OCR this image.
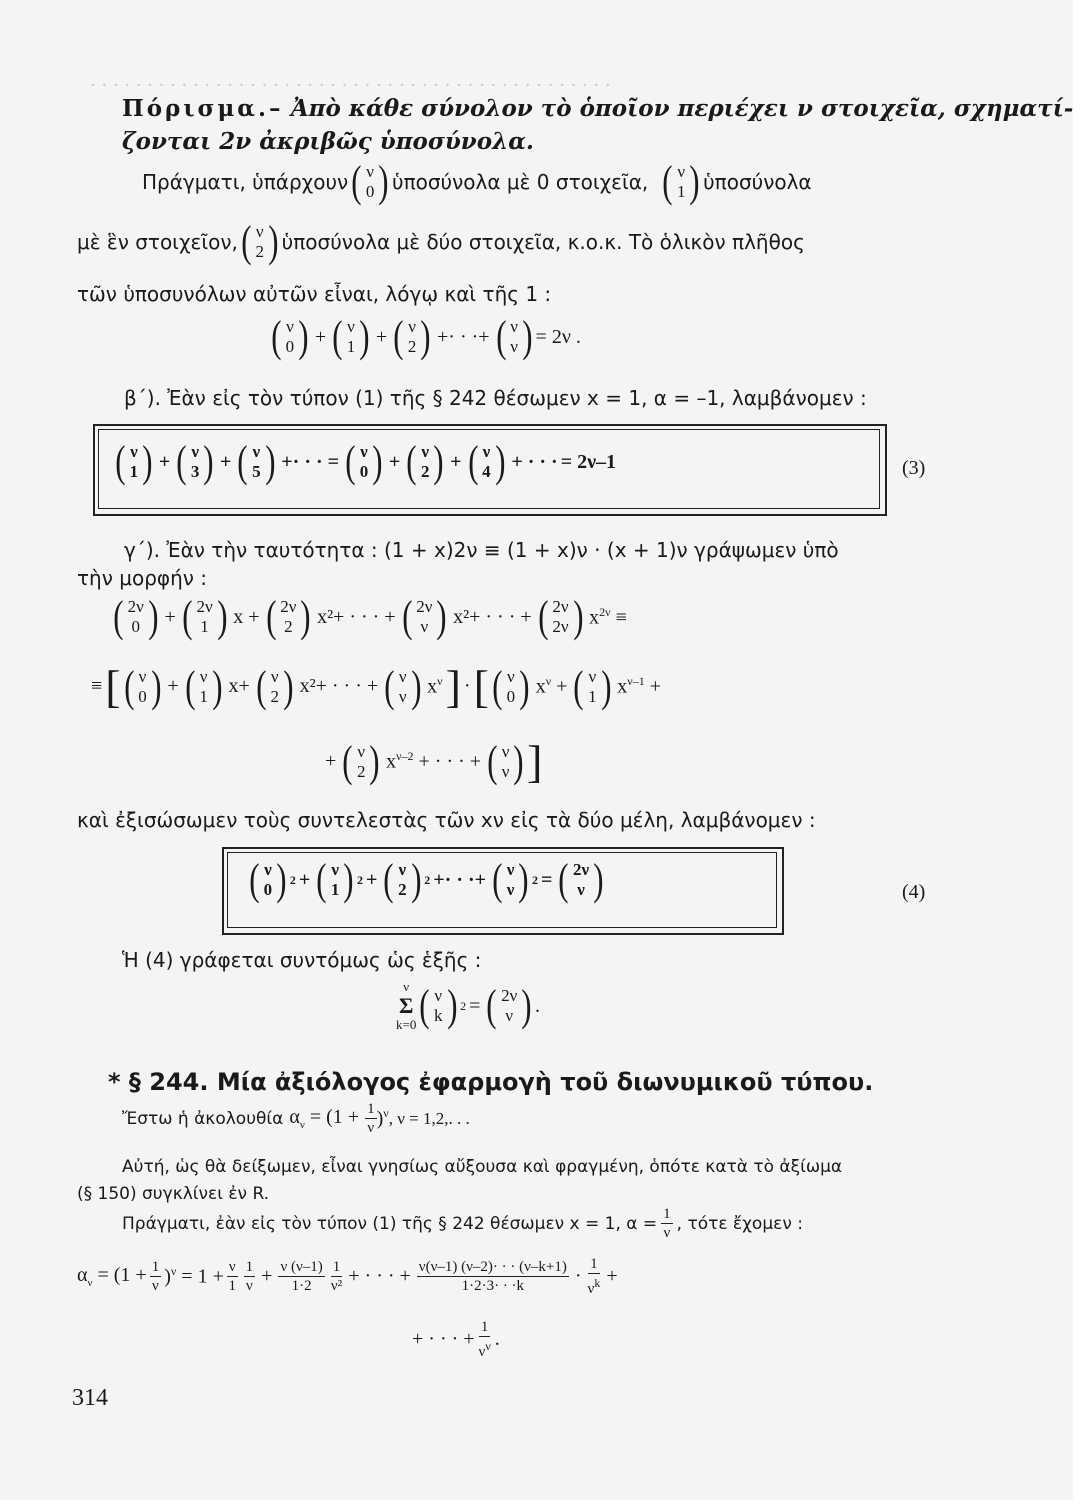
· · · · · · · · · · · · · · · · · · · · · · · · · · · · · · · · · · · · · · · · · · · · · ·
Πόρισμα.– Ἀπὸ κάθε σύνολον τὸ ὁποῖον περιέχει ν στοιχεῖα, σχηματί-
ζονται 2ν ἀκριβῶς ὑποσύνολα.
Πράγματι, ὑπάρχουν ( ν
0 ) ὑποσύνολα μὲ 0 στοιχεῖα, ( ν
1 ) ὑποσύνολα
μὲ ἓν στοιχεῖον, ( ν
2 ) ὑποσύνολα μὲ δύο στοιχεῖα, κ.ο.κ. Τὸ ὁλικὸν πλῆθος
τῶν ὑποσυνόλων αὐτῶν εἶναι, λόγῳ καὶ τῆς 1 :
( ν
0 ) + ( ν
1 ) + ( ν
2 ) +· · ·+ ( ν
ν ) = 2ν .
β΄). Ἐὰν εἰς τὸν τύπον (1) τῆς § 242 θέσωμεν x = 1, α = –1, λαμβάνομεν :
( ν
1 ) + ( ν
3 ) + ( ν
5 ) +· · · = ( ν
0 ) + ( ν
2 ) + ( ν
4 ) + · · · = 2ν–1	(3)
γ΄). Ἐὰν τὴν ταυτότητα : (1 + x)2ν ≡ (1 + x)ν · (x + 1)ν γράψωμεν ὑπὸ
τὴν μορφήν :
( 2ν
0 ) + ( 2ν
1 ) x + ( 2ν
2 ) x²+ · · · + ( 2ν
ν ) x²+ · · · + ( 2ν
2ν ) $x^{2\nu}$ ≡
≡ [ ( ν
0 ) + ( ν
1 ) x+ ( ν
2 ) x²+ · · · + ( ν
ν ) $x^\nu$ ] · [ ( ν
0 ) $x^\nu$ + ( ν
1 ) $x^{\nu-1}$ +
+ ( ν
2 ) $x^{\nu-2}$ + · · · + ( ν
ν ) ]
καὶ ἐξισώσωμεν τοὺς συντελεστὰς τῶν xν εἰς τὰ δύο μέλη, λαμβάνομεν :
( ν
0 ) 2 + ( ν
1 ) 2 + ( ν
2 ) 2 +· · ·+ ( ν
ν ) 2 = ( 2ν
ν )	(4)
Ἡ (4) γράφεται συντόμως ὡς ἑξῆς :
ν
Σ
k=0 ( ν
k ) 2 = ( 2ν
ν ) .
* § 244. Μία ἀξιόλογος ἐφαρμογὴ τοῦ διωνυμικοῦ τύπου.
Ἔστω ἡ ἀκολουθία $\alpha_\nu = (1 + \frac{1}{\nu} )^\nu$ , ν = 1,2,. . .
Αὐτή, ὡς θὰ δείξωμεν, εἶναι γνησίως αὔξουσα καὶ φραγμένη, ὁπότε κατὰ τὸ ἀξίωμα
(§ 150) συγκλίνει ἐν R.
Πράγματι, ἐὰν εἰς τὸν τύπον (1) τῆς § 242 θέσωμεν x = 1, $\alpha = \frac{1}{\nu}$ , τότε ἔχομεν :
$\alpha_\nu = (1 + \frac{1}{\nu} )^\nu = 1 + \frac{\nu}{1} \frac{1}{\nu} + \frac{\nu (\nu-1)}{1\cdot 2} \frac{1}{\text{ν²}}$ + · · · + $\frac{\nu(\nu-1) (\nu-2)\cdot \cdot \cdot (\nu-k+1)}{1\cdot 2\cdot 3\cdot \cdot \cdot k} \cdot \frac{1}{\nu^k}$ +
+ · · · + $\frac{1}{\nu^\nu}$ .
314
